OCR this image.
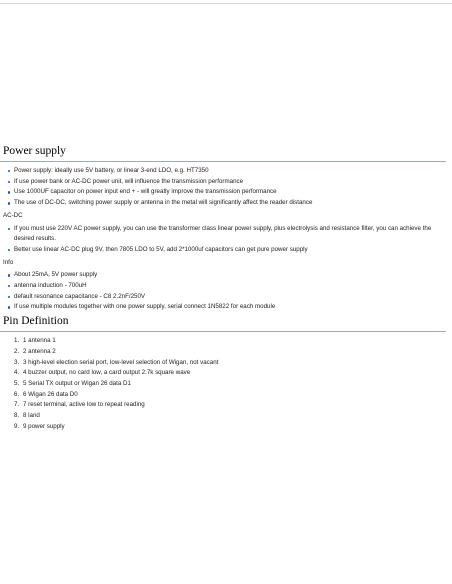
Power supply
Power supply: ideally use 5V battery, or linear 3-end LDO, e.g. HT7350
If use power bank or AC-DC power unit, will influence the transmission performance
Use 1000UF capacitor on power input end + - will greatly improve the transmission performance
The use of DC-DC, switching power supply or antenna in the metal will significantly affect the reader distance
AC-DC
If you must use 220V AC power supply, you can use the transformer class linear power supply, plus electrolysis and resistance filter, you can achieve the desired results.
Better use linear AC-DC plug 9V, then 7805 LDO to 5V, add 2*1000uf capacitors can get pure power supply
Info
About 25mA, 5V power supply
antenna induction - 700uH
default resonance capacitance - C8 2.2nF/250V
If use multiple modules together with one power supply, serial connect 1N5822 for each module
Pin Definition
1. 1 antenna 1
2. 2 antenna 2
3. 3 high-level election serial port, low-level selection of Wigan, not vacant
4. 4 buzzer output, no card low, a card output 2.7k square wave
5. 5 Serial TX output or Wigan 26 data D1
6. 6 Wigan 26 data D0
7. 7 reset terminal, active low to repeat reading
8. 8 land
9. 9 power supply
